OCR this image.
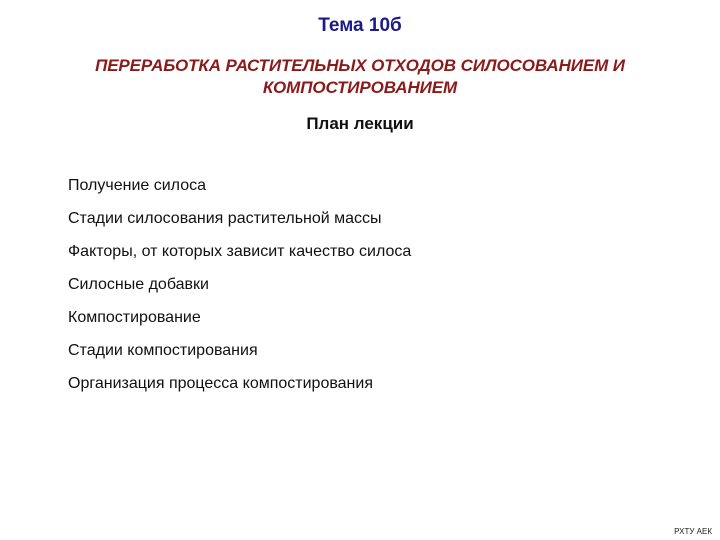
Тема 10б
ПЕРЕРАБОТКА РАСТИТЕЛЬНЫХ ОТХОДОВ СИЛОСОВАНИЕМ И
КОМПОСТИРОВАНИЕМ
План лекции
Получение силоса
Стадии силосования растительной массы
Факторы, от которых зависит качество силоса
Силосные добавки
Компостирование
Стадии компостирования
Организация процесса компостирования
РХТУ АЕК
